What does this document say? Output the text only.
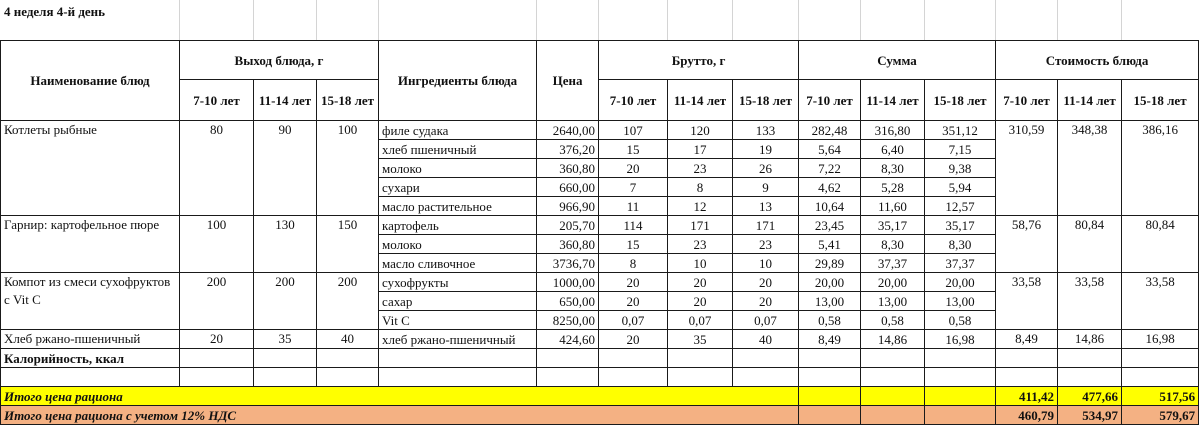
4 неделя 4-й день
Наименование блюд	Выход блюда, г			Ингредиенты блюда	Цена	Брутто, г			Сумма			Стоимость блюда		
	7-10 лет	11-14 лет	15-18 лет			7-10 лет	11-14 лет	15-18 лет	7-10 лет	11-14 лет	15-18 лет	7-10 лет	11-14 лет	15-18 лет
Котлеты рыбные	80	90	100	филе судака	2640,00	107	120	133	282,48	316,80	351,12	310,59	348,38	386,16
				хлеб пшеничный	376,20	15	17	19	5,64	6,40	7,15			
				молоко	360,80	20	23	26	7,22	8,30	9,38			
				сухари	660,00	7	8	9	4,62	5,28	5,94			
				масло растительное	966,90	11	12	13	10,64	11,60	12,57			
Гарнир: картофельное пюре	100	130	150	картофель	205,70	114	171	171	23,45	35,17	35,17	58,76	80,84	80,84
				молоко	360,80	15	23	23	5,41	8,30	8,30			
				масло сливочное	3736,70	8	10	10	29,89	37,37	37,37			
Компот из смеси сухофруктов с Vit C	200	200	200	сухофрукты	1000,00	20	20	20	20,00	20,00	20,00	33,58	33,58	33,58
				сахар	650,00	20	20	20	13,00	13,00	13,00			
				Vit C	8250,00	0,07	0,07	0,07	0,58	0,58	0,58			
Хлеб ржано-пшеничный	20	35	40	хлеб ржано-пшеничный	424,60	20	35	40	8,49	14,86	16,98	8,49	14,86	16,98
Калорийность, ккал														

Итого цена рациона												411,42	477,66	517,56
Итого цена рациона с учетом 12% НДС												460,79	534,97	579,67
